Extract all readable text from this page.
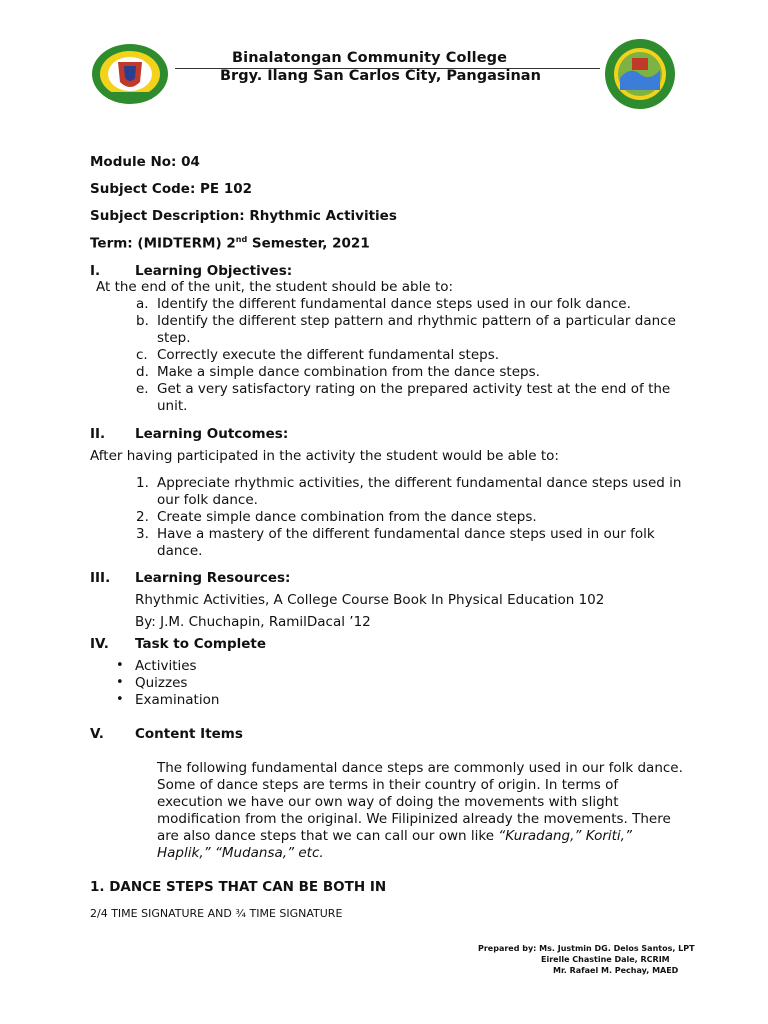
Binalatongan Community College
Brgy. Ilang San Carlos City, Pangasinan
Module No: 04
Subject Code: PE 102
Subject Description: Rhythmic Activities
Term: (MIDTERM) 2nd Semester, 2021
I.	Learning Objectives:
At the end of the unit, the student should be able to:
a. Identify the different fundamental dance steps used in our folk dance.
b. Identify the different step pattern and rhythmic pattern of a particular dance
step.
c. Correctly execute the different fundamental steps.
d. Make a simple dance combination from the dance steps.
e. Get a very satisfactory rating on the prepared activity test at the end of the
unit.
II. Learning Outcomes:
After having participated in the activity the student would be able to:
1. Appreciate rhythmic activities, the different fundamental dance steps used in
our folk dance.
2. Create simple dance combination from the dance steps.
3. Have a mastery of the different fundamental dance steps used in our folk
dance.
III. Learning Resources:
Rhythmic Activities, A College Course Book In Physical Education 102
By: J.M. Chuchapin, RamilDacal ’12
IV. Task to Complete
• Activities
• Quizzes
• Examination
V. Content Items
The following fundamental dance steps are commonly used in our folk dance.
Some of dance steps are terms in their country of origin. In terms of
execution we have our own way of doing the movements with slight
modification from the original. We Filipinized already the movements. There
are also dance steps that we can call our own like “Kuradang,” Koriti,”
Haplik,” “Mudansa,” etc.
1. DANCE STEPS THAT CAN BE BOTH IN
2/4 TIME SIGNATURE AND ¾ TIME SIGNATURE
Prepared by: Ms. Justmin DG. Delos Santos, LPT
Eirelle Chastine Dale, RCRIM
Mr. Rafael M. Pechay, MAED
